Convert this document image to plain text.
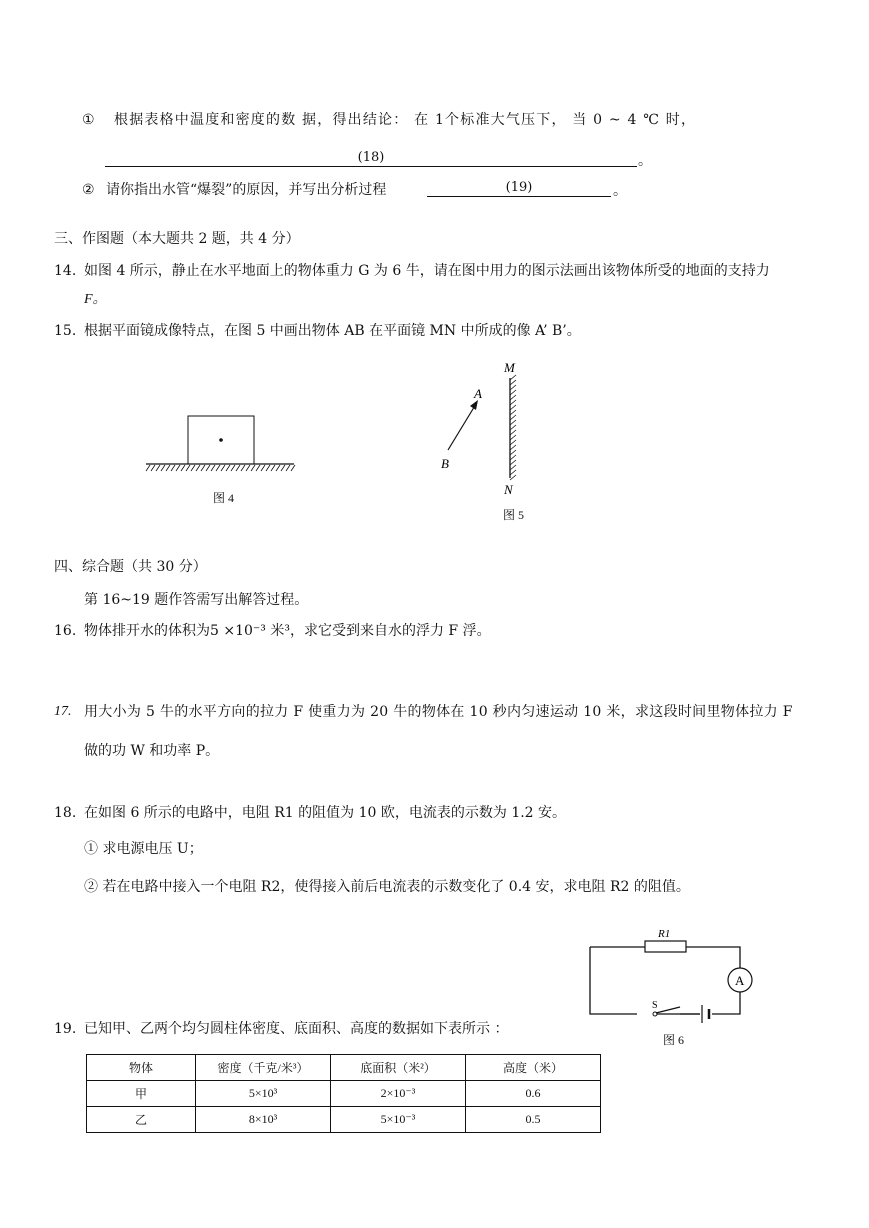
① 根据表格中温度和密度的数 据，得出结论： 在 1个标准大气压下， 当 0 ~ 4 ℃ 时，
(18)	。
② 请你指出水管“爆裂”的原因，并写出分析过程	(19)	。
三、作图题（本大题共 2 题，共 4 分）
14. 如图 4 所示，静止在水平地面上的物体重力 G 为 6 牛，请在图中用力的图示法画出该物体所受的地面的支持力
F。
15. 根据平面镜成像特点，在图 5 中画出物体 AB 在平面镜 MN 中所成的像 A’ B’。
图 4
M
N
A
B
图 5
四、综合题（共 30 分）
第 16~19 题作答需写出解答过程。
16. 物体排开水的体积为5 ×10⁻³ 米³，求它受到来自水的浮力 F 浮。
17. 用大小为 5 牛的水平方向的拉力 F 使重力为 20 牛的物体在 10 秒内匀速运动 10 米，求这段时间里物体拉力 F
做的功 W 和功率 P。
18. 在如图 6 所示的电路中，电阻 R1 的阻值为 10 欧，电流表的示数为 1.2 安。
① 求电源电压 U；
② 若在电路中接入一个电阻 R2，使得接入前后电流表的示数变化了 0.4 安，求电阻 R2 的阻值。
R1
A
S
图 6
19. 已知甲、乙两个均匀圆柱体密度、底面积、高度的数据如下表所示 ：
物体	密度（千克/米³）	底面积（米²）	高度（米）
甲	5×10³	2×10⁻³	0.6
乙	8×10³	5×10⁻³	0.5
